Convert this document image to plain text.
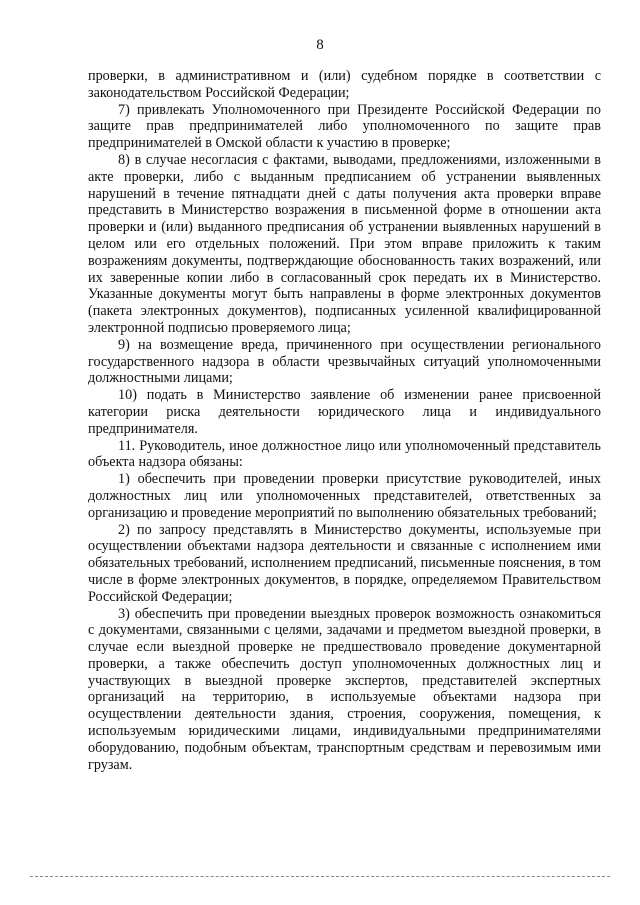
8

проверки, в административном и (или) судебном порядке в соответствии с законодательством Российской Федерации;

7) привлекать Уполномоченного при Президенте Российской Федерации по защите прав предпринимателей либо уполномоченного по защите прав предпринимателей в Омской области к участию в проверке;

8) в случае несогласия с фактами, выводами, предложениями, изложенными в акте проверки, либо с выданным предписанием об устранении выявленных нарушений в течение пятнадцати дней с даты получения акта проверки вправе представить в Министерство возражения в письменной форме в отношении акта проверки и (или) выданного предписания об устранении выявленных нарушений в целом или его отдельных положений. При этом вправе приложить к таким возражениям документы, подтверждающие обоснованность таких возражений, или их заверенные копии либо в согласованный срок передать их в Министерство. Указанные документы могут быть направлены в форме электронных документов (пакета электронных документов), подписанных усиленной квалифицированной электронной подписью проверяемого лица;

9) на возмещение вреда, причиненного при осуществлении регионального государственного надзора в области чрезвычайных ситуаций уполномоченными должностными лицами;

10) подать в Министерство заявление об изменении ранее присвоенной категории риска деятельности юридического лица и индивидуального предпринимателя.

11. Руководитель, иное должностное лицо или уполномоченный представитель объекта надзора обязаны:

1) обеспечить при проведении проверки присутствие руководителей, иных должностных лиц или уполномоченных представителей, ответственных за организацию и проведение мероприятий по выполнению обязательных требований;

2) по запросу представлять в Министерство документы, используемые при осуществлении объектами надзора деятельности и связанные с исполнением ими обязательных требований, исполнением предписаний, письменные пояснения, в том числе в форме электронных документов, в порядке, определяемом Правительством Российской Федерации;

3) обеспечить при проведении выездных проверок возможность ознакомиться с документами, связанными с целями, задачами и предметом выездной проверки, в случае если выездной проверке не предшествовало проведение документарной проверки, а также обеспечить доступ уполномоченных должностных лиц и участвующих в выездной проверке экспертов, представителей экспертных организаций на территорию, в используемые объектами надзора при осуществлении деятельности здания, строения, сооружения, помещения, к используемым юридическими лицами, индивидуальными предпринимателями оборудованию, подобным объектам, транспортным средствам и перевозимым ими грузам.
